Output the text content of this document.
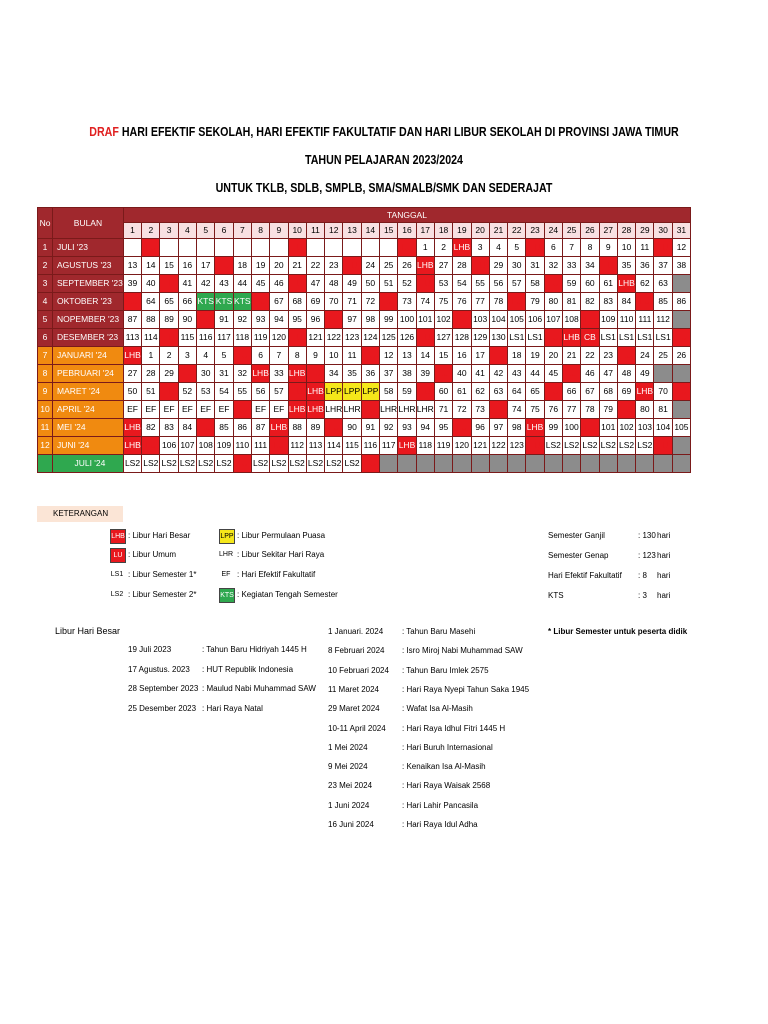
DRAF HARI EFEKTIF SEKOLAH, HARI EFEKTIF FAKULTATIF DAN HARI LIBUR SEKOLAH DI PROVINSI JAWA TIMUR
TAHUN PELAJARAN 2023/2024
UNTUK TKLB, SDLB, SMPLB, SMA/SMALB/SMK DAN SEDERAJAT
No	BULAN	TANGGAL																														
		1	2	3	4	5	6	7	8	9	10	11	12	13	14	15	16	17	18	19	20	21	22	23	24	25	26	27	28	29	30	31
1	JULI '23		LU								LU						LU	1	2	LHB	3	4	5	LU	6	7	8	9	10	11	LU	12
2	AGUSTUS '23	13	14	15	16	17	LU	18	19	20	21	22	23	LU	24	25	26	LHB	27	28	LU	29	30	31	32	33	34	LU	35	36	37	38
3	SEPTEMBER '23	39	40	LU	41	42	43	44	45	46	LU	47	48	49	50	51	52	LU	53	54	55	56	57	58	LU	59	60	61	LHB	62	63	
4	OKTOBER '23	LU	64	65	66	KTS	KTS	KTS	LU	67	68	69	70	71	72	LU	73	74	75	76	77	78	LU	79	80	81	82	83	84	LU	85	86
5	NOPEMBER '23	87	88	89	90	LU	91	92	93	94	95	96	LU	97	98	99	100	101	102	LU	103	104	105	106	107	108	LU	109	110	111	112	
6	DESEMBER '23	113	114	LU	115	116	117	118	119	120	LU	121	122	123	124	125	126	LU	127	128	129	130	LS1	LS1	LU	LHB	CB	LS1	LS1	LS1	LS1	LU
7	JANUARI '24	LHB	1	2	3	4	5	LU	6	7	8	9	10	11	LU	12	13	14	15	16	17	LU	18	19	20	21	22	23	LU	24	25	26
8	PEBRUARI '24	27	28	29	LU	30	31	32	LHB	33	LHB	LU	34	35	36	37	38	39	LU	40	41	42	43	44	45	LU	46	47	48	49		
9	MARET '24	50	51	LU	52	53	54	55	56	57	LU	LHB	LPP	LPP	LPP	58	59	LU	60	61	62	63	64	65	LU	66	67	68	69	LHB	70	LU
10	APRIL '24	EF	EF	EF	EF	EF	EF	LU	EF	EF	LHB	LHB	LHR	LHR	LU	LHR	LHR	LHR	71	72	73	LU	74	75	76	77	78	79	LU	80	81	
11	MEI '24	LHB	82	83	84	LU	85	86	87	LHB	88	89	LU	90	91	92	93	94	95	LU	96	97	98	LHB	99	100	LU	101	102	103	104	105
12	JUNI '24	LHB	LU	106	107	108	109	110	111	LU	112	113	114	115	116	117	LHB	118	119	120	121	122	123	LU	LS2	LS2	LS2	LS2	LS2	LS2	LU	
	JULI '24	LS2	LS2	LS2	LS2	LS2	LS2	LU	LS2	LS2	LS2	LS2	LS2	LS2	LU																	
KETERANGAN
LHB : Libur Hari Besar
LU : Libur Umum
LS1 : Libur Semester 1*
LS2 : Libur Semester 2*
LPP : Libur Permulaan Puasa
LHR : Libur Sekitar Hari Raya
EF : Hari Efektif Fakultatif
KTS : Kegiatan Tengah Semester
Semester Ganjil	: 130 hari
Semester Genap	: 123 hari
Hari Efektif Fakultatif : 8 hari
KTS	: 3 hari
Libur Hari Besar	* Libur Semester untuk peserta didik
19 Juli 2023	: Tahun Baru Hidriyah 1445 H
17 Agustus. 2023 : HUT Republik Indonesia
28 September 2023 : Maulud Nabi Muhammad SAW
25 Desember 2023 : Hari Raya Natal
1 Januari. 2024 : Tahun Baru Masehi
8 Februari 2024 : Isro Miroj Nabi Muhammad SAW
10 Februari 2024 : Tahun Baru Imlek 2575
11 Maret 2024	: Hari Raya Nyepi Tahun Saka 1945
29 Maret 2024	: Wafat Isa Al-Masih
10-11 April 2024 : Hari Raya Idhul Fitri 1445 H
1 Mei 2024	: Hari Buruh Internasional
9 Mei 2024	: Kenaikan Isa Al-Masih
23 Mei 2024	: Hari Raya Waisak 2568
1 Juni 2024	: Hari Lahir Pancasila
16 Juni 2024	: Hari Raya Idul Adha
